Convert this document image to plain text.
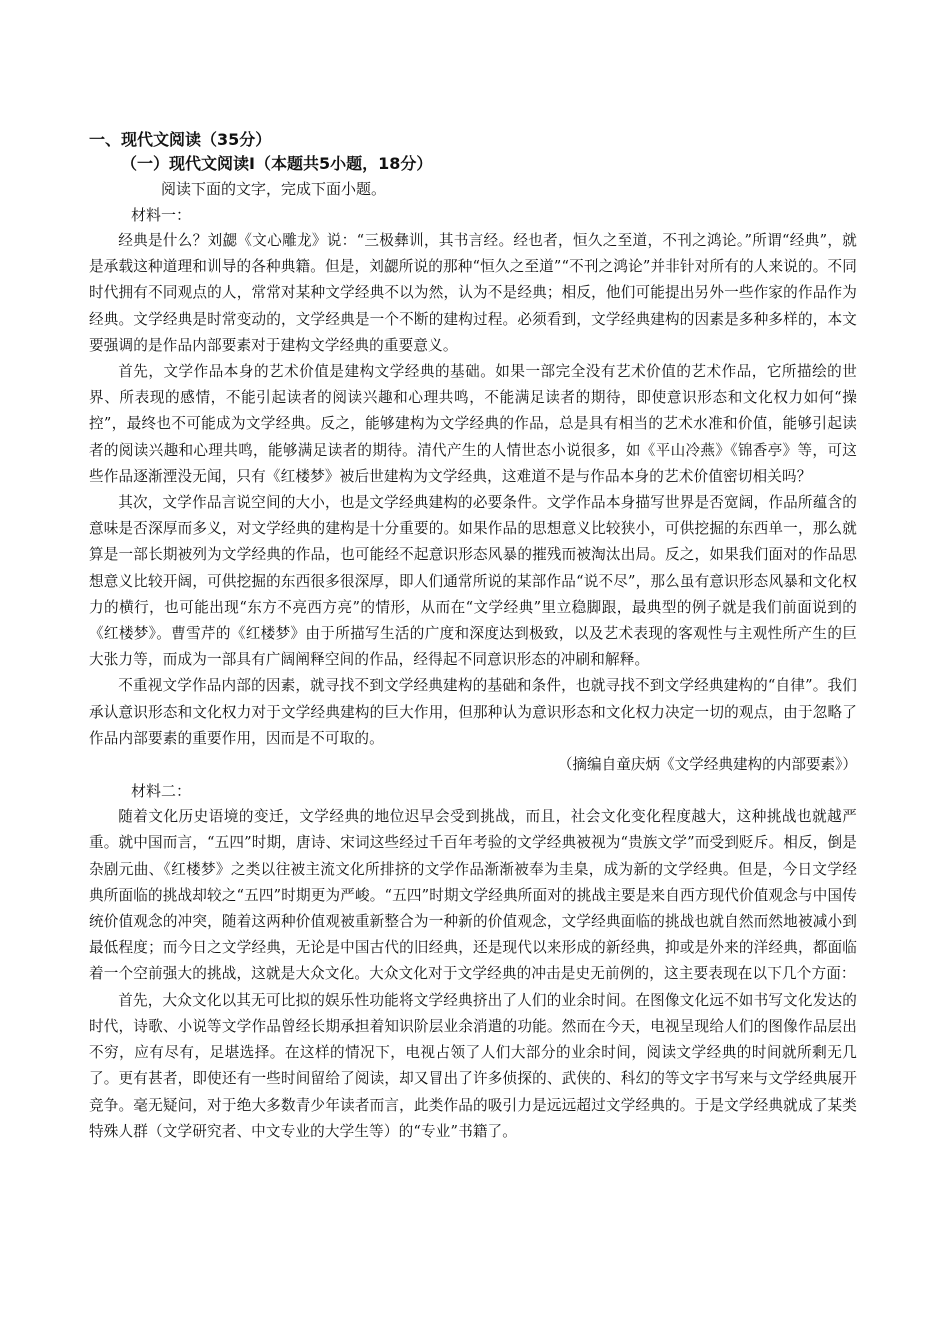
一、现代文阅读（35分）

（一）现代文阅读Ⅰ（本题共5小题，18分）

阅读下面的文字，完成下面小题。

材料一：

经典是什么？刘勰《文心雕龙》说：“三极彝训，其书言经。经也者，恒久之至道，不刊之鸿论。”所谓“经典”，就是承载这种道理和训导的各种典籍。但是，刘勰所说的那种“恒久之至道”“不刊之鸿论”并非针对所有的人来说的。不同时代拥有不同观点的人，常常对某种文学经典不以为然，认为不是经典；相反，他们可能提出另外一些作家的作品作为经典。文学经典是时常变动的，文学经典是一个不断的建构过程。必须看到，文学经典建构的因素是多种多样的，本文要强调的是作品内部要素对于建构文学经典的重要意义。

首先，文学作品本身的艺术价值是建构文学经典的基础。如果一部完全没有艺术价值的艺术作品，它所描绘的世界、所表现的感情，不能引起读者的阅读兴趣和心理共鸣，不能满足读者的期待，即使意识形态和文化权力如何“操控”，最终也不可能成为文学经典。反之，能够建构为文学经典的作品，总是具有相当的艺术水准和价值，能够引起读者的阅读兴趣和心理共鸣，能够满足读者的期待。清代产生的人情世态小说很多，如《平山冷燕》《锦香亭》等，可这些作品逐渐湮没无闻，只有《红楼梦》被后世建构为文学经典，这难道不是与作品本身的艺术价值密切相关吗？

其次，文学作品言说空间的大小，也是文学经典建构的必要条件。文学作品本身描写世界是否宽阔，作品所蕴含的意味是否深厚而多义，对文学经典的建构是十分重要的。如果作品的思想意义比较狭小，可供挖掘的东西单一，那么就算是一部长期被列为文学经典的作品，也可能经不起意识形态风暴的摧残而被淘汰出局。反之，如果我们面对的作品思想意义比较开阔，可供挖掘的东西很多很深厚，即人们通常所说的某部作品“说不尽”，那么虽有意识形态风暴和文化权力的横行，也可能出现“东方不亮西方亮”的情形，从而在“文学经典”里立稳脚跟，最典型的例子就是我们前面说到的《红楼梦》。曹雪芹的《红楼梦》由于所描写生活的广度和深度达到极致，以及艺术表现的客观性与主观性所产生的巨大张力等，而成为一部具有广阔阐释空间的作品，经得起不同意识形态的冲刷和解释。

不重视文学作品内部的因素，就寻找不到文学经典建构的基础和条件，也就寻找不到文学经典建构的“自律”。我们承认意识形态和文化权力对于文学经典建构的巨大作用，但那种认为意识形态和文化权力决定一切的观点，由于忽略了作品内部要素的重要作用，因而是不可取的。

（摘编自童庆炳《文学经典建构的内部要素》）

材料二：

随着文化历史语境的变迁，文学经典的地位迟早会受到挑战，而且，社会文化变化程度越大，这种挑战也就越严重。就中国而言，“五四”时期，唐诗、宋词这些经过千百年考验的文学经典被视为“贵族文学”而受到贬斥。相反，倒是杂剧元曲、《红楼梦》之类以往被主流文化所排挤的文学作品渐渐被奉为圭臬，成为新的文学经典。但是，今日文学经典所面临的挑战却较之“五四”时期更为严峻。“五四”时期文学经典所面对的挑战主要是来自西方现代价值观念与中国传统价值观念的冲突，随着这两种价值观被重新整合为一种新的价值观念，文学经典面临的挑战也就自然而然地被减小到最低程度；而今日之文学经典，无论是中国古代的旧经典，还是现代以来形成的新经典，抑或是外来的洋经典，都面临着一个空前强大的挑战，这就是大众文化。大众文化对于文学经典的冲击是史无前例的，这主要表现在以下几个方面：

首先，大众文化以其无可比拟的娱乐性功能将文学经典挤出了人们的业余时间。在图像文化远不如书写文化发达的时代，诗歌、小说等文学作品曾经长期承担着知识阶层业余消遣的功能。然而在今天，电视呈现给人们的图像作品层出不穷，应有尽有，足堪选择。在这样的情况下，电视占领了人们大部分的业余时间，阅读文学经典的时间就所剩无几了。更有甚者，即使还有一些时间留给了阅读，却又冒出了许多侦探的、武侠的、科幻的等文字书写来与文学经典展开竞争。毫无疑问，对于绝大多数青少年读者而言，此类作品的吸引力是远远超过文学经典的。于是文学经典就成了某类特殊人群（文学研究者、中文专业的大学生等）的“专业”书籍了。
